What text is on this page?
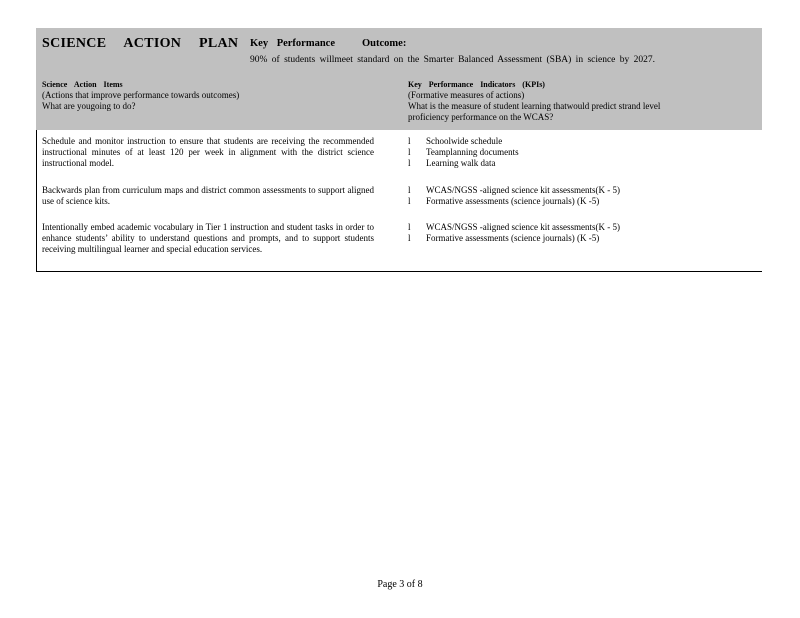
SCIENCE ACTION PLAN Key Performance	Outcome:
90% of students willmeet standard on the Smarter Balanced Assessment (SBA) in science by 2027.
Science Action Items
(Actions that improve performance towards outcomes)
What are yougoing to do?
Key Performance Indicators (KPIs)
(Formative measures of actions)
What is the measure of student learning thatwould predict strand level
proficiency performance on the WCAS?
Schedule and monitor instruction to ensure that students are receiving the recommended instructional minutes of at least 120 per week in alignment with the district science instructional model.
l	Schoolwide schedule
l	Teamplanning documents
l	Learning walk data
Backwards plan from curriculum maps and district common assessments to support aligned use of science kits.
l	WCAS/NGSS -aligned science kit assessments(K - 5)
l	Formative assessments (science journals) (K -5)
Intentionally embed academic vocabulary in Tier 1 instruction and student tasks in order to enhance students’ ability to understand questions and prompts, and to support students receiving multilingual learner and special education services.
l	WCAS/NGSS -aligned science kit assessments(K - 5)
l	Formative assessments (science journals) (K -5)
Page 3 of 8
